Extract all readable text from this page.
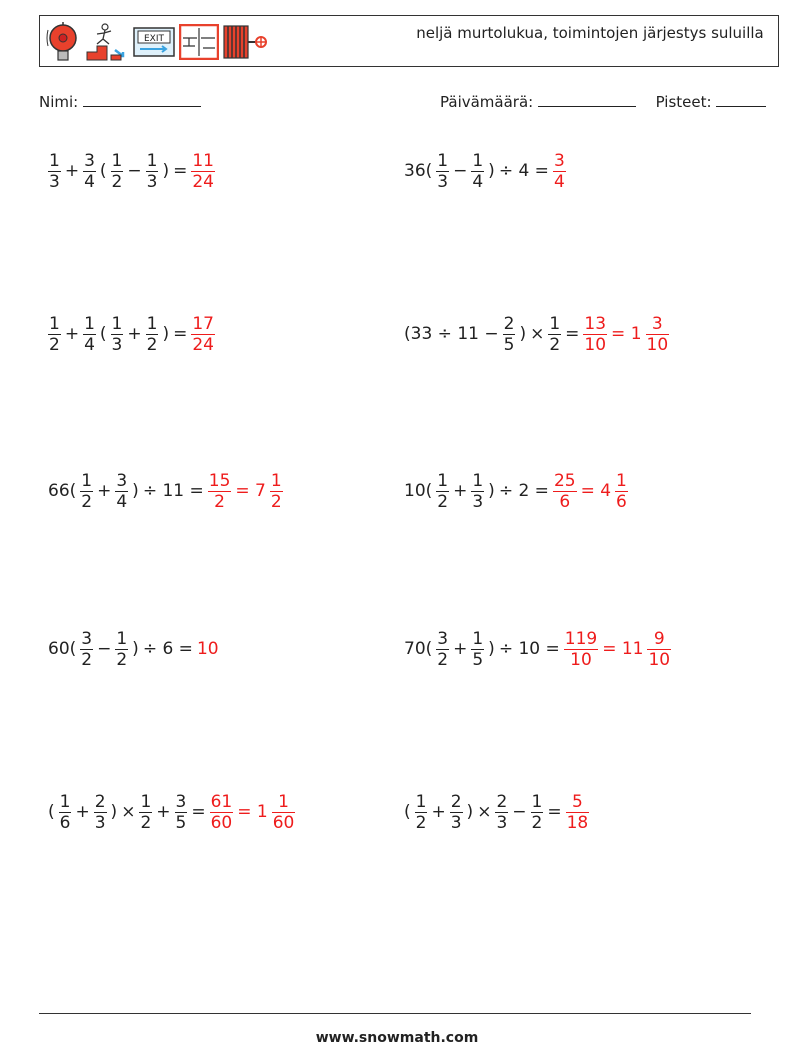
EXIT	neljä murtolukua, toimintojen järjestys suluilla
Nimi:	Päivämäärä:	Pisteet:
$\frac{1}{3} + \frac{3}{4}$ ( $\frac{1}{2} - \frac{1}{3}$ ) = $\frac{11}{24}$	$36( \frac{1}{3} - \frac{1}{4}$ ) ÷ $4 = \frac{3}{4}$
$\frac{1}{2} + \frac{1}{4}$ ( $\frac{1}{3} + \frac{1}{2}$ ) = $\frac{17}{24}$	($33 \div 11 - \frac{2}{5}$ ) × $\frac{1}{2} = \frac{13}{10} = 1 \frac{3}{10}$
$66( \frac{1}{2} + \frac{3}{4}$ ) ÷ $11 = \frac{15}{2} = 7 \frac{1}{2}$	$10( \frac{1}{2} + \frac{1}{3}$ ) ÷ $2 = \frac{25}{6} = 4 \frac{1}{6}$
$60( \frac{3}{2} - \frac{1}{2}$ ) ÷ 6 = 10	$70( \frac{3}{2} + \frac{1}{5}$ ) ÷ $10 = \frac{119}{10} = 11 \frac{9}{10}$
( $\frac{1}{6} + \frac{2}{3}$ ) × $\frac{1}{2} + \frac{3}{5} = \frac{61}{60} = 1 \frac{1}{60}$	( $\frac{1}{2} + \frac{2}{3}$ ) × $\frac{2}{3} - \frac{1}{2} = \frac{5}{18}$
www.snowmath.com
